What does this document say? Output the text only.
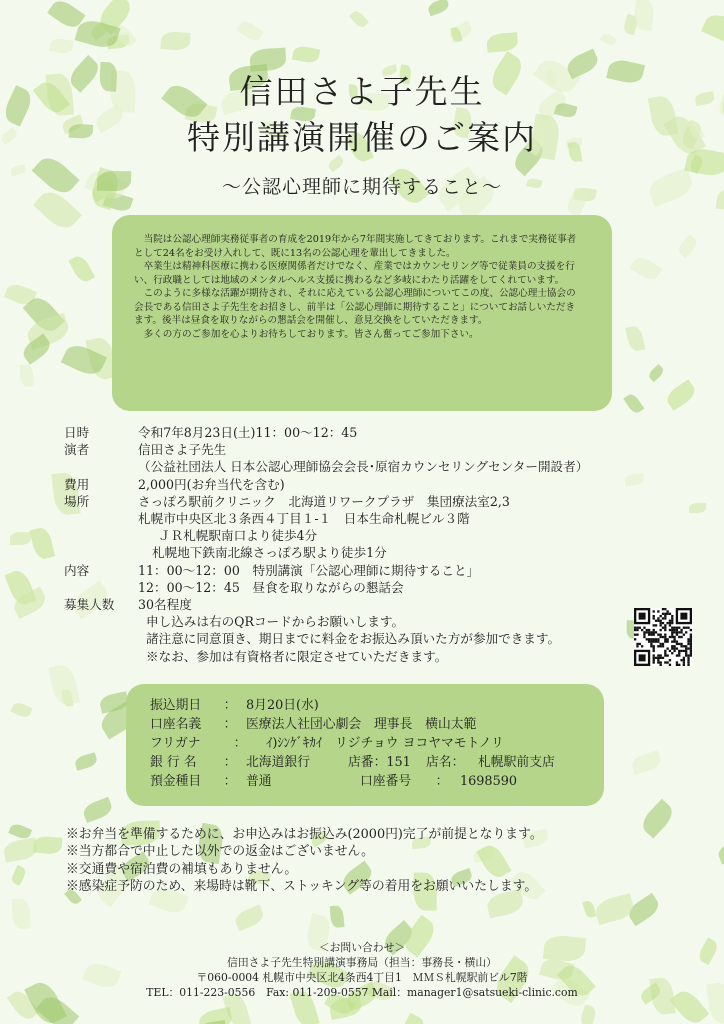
信田さよ子先生
特別講演開催のご案内
～公認心理師に期待すること～

当院は公認心理師実務従事者の育成を2019年から7年間実施してきております。これまで実務従事者として24名をお受け入れして、既に13名の公認心理を輩出してきました。

卒業生は精神科医療に携わる医療関係者だけでなく、産業ではカウンセリング等で従業員の支援を行い、行政職としては地域のメンタルヘルス支援に携わるなど多岐にわたり活躍をしてくれています。

このように多様な活躍が期待され、それに応えている公認心理師についてこの度、公認心理士協会の会長である信田さよ子先生をお招きし、前半は「公認心理師に期待すること」についてお話しいただきます。後半は昼食を取りながらの懇話会を開催し、意見交換をしていただきます。

多くの方のご参加を心よりお待ちしております。皆さん奮ってご参加下さい。

日時	令和7年8月23日(土)11：00～12：45
演者	信田さよ子先生
（公益社団法人 日本公認心理師協会会長･原宿カウンセリングセンター開設者）
費用	2,000円(お弁当代を含む)
場所	さっぽろ駅前クリニック　北海道リワークプラザ　集団療法室2,3
札幌市中央区北３条西４丁目１-１　日本生命札幌ビル３階
ＪＲ札幌駅南口より徒歩4分
札幌地下鉄南北線さっぽろ駅より徒歩1分
内容	11：00～12：00　特別講演「公認心理師に期待すること」
12：00～12：45　昼食を取りながらの懇話会
募集人数	30名程度
申し込みは右のQRコードからお願いします。
諸注意に同意頂き、期日までに料金をお振込み頂いた方が参加できます。
※なお、参加は有資格者に限定させていただきます。
振込期日	： 8月20日(水)
口座名義	： 医療法人社団心劇会　理事長　横山太範
フリガナ	：	ｲ)ｼﾝｹﾞｷｶｲ　リジチョウ ヨコヤマモトノリ
銀 行 名	： 北海道銀行	店番：151	店名：	札幌駅前支店
預金種目	： 普通	口座番号	： 1698590
※お弁当を準備するために、お申込みはお振込み(2000円)完了が前提となります。
※当方都合で中止した以外での返金はございません。
※交通費や宿泊費の補填もありません。
※感染症予防のため、来場時は靴下、ストッキング等の着用をお願いいたします。
＜お問い合わせ＞
信田さよ子先生特別講演事務局（担当：事務長・横山）
〒060-0004 札幌市中央区北4条西4丁目1　ＭＭＳ札幌駅前ビル7階
TEL：011-223-0556　Fax: 011-209-0557 Mail：manager1@satsueki-clinic.com
